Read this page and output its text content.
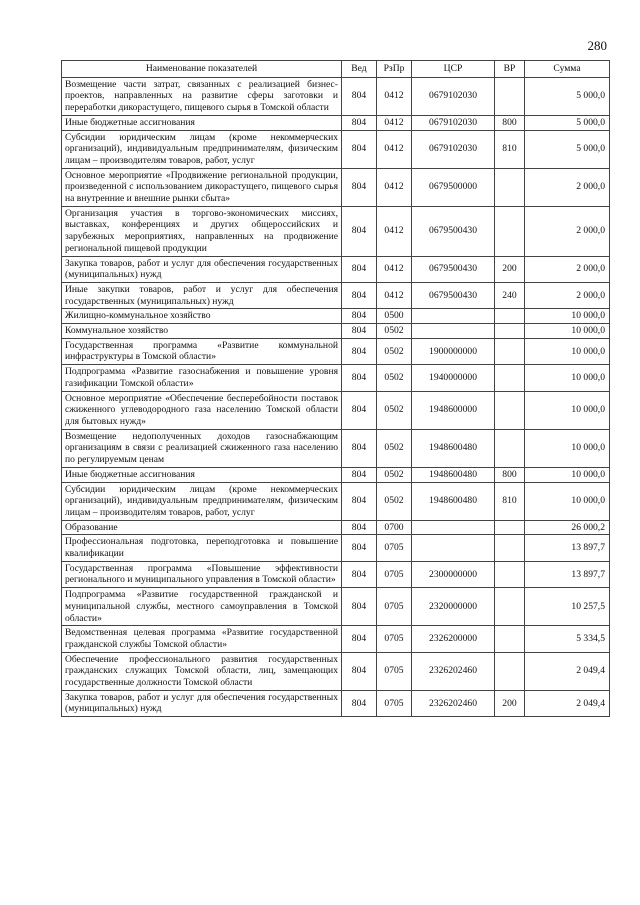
280
Наименование показателей	Вед	РзПр	ЦСР	ВР	Сумма
Возмещение части затрат, связанных с реализацией бизнес-проектов, направленных на развитие сферы заготовки и переработки дикорастущего, пищевого сырья в Томской области	804	0412	0679102030		5 000,0
Иные бюджетные ассигнования	804	0412	0679102030	800	5 000,0
Субсидии юридическим лицам (кроме некоммерческих организаций), индивидуальным предпринимателям, физическим лицам – производителям товаров, работ, услуг	804	0412	0679102030	810	5 000,0
Основное мероприятие «Продвижение региональной продукции, произведенной с использованием дикорастущего, пищевого сырья на внутренние и внешние рынки сбыта»	804	0412	0679500000		2 000,0
Организация участия в торгово-экономических миссиях, выставках, конференциях и других общероссийских и зарубежных мероприятиях, направленных на продвижение региональной пищевой продукции	804	0412	0679500430		2 000,0
Закупка товаров, работ и услуг для обеспечения государственных (муниципальных) нужд	804	0412	0679500430	200	2 000,0
Иные закупки товаров, работ и услуг для обеспечения государственных (муниципальных) нужд	804	0412	0679500430	240	2 000,0
Жилищно-коммунальное хозяйство	804	0500			10 000,0
Коммунальное хозяйство	804	0502			10 000,0
Государственная программа «Развитие коммунальной инфраструктуры в Томской области»	804	0502	1900000000		10 000,0
Подпрограмма «Развитие газоснабжения и повышение уровня газификации Томской области»	804	0502	1940000000		10 000,0
Основное мероприятие «Обеспечение бесперебойности поставок сжиженного углеводородного газа населению Томской области для бытовых нужд»	804	0502	1948600000		10 000,0
Возмещение недополученных доходов газоснабжающим организациям в связи с реализацией сжиженного газа населению по регулируемым ценам	804	0502	1948600480		10 000,0
Иные бюджетные ассигнования	804	0502	1948600480	800	10 000,0
Субсидии юридическим лицам (кроме некоммерческих организаций), индивидуальным предпринимателям, физическим лицам – производителям товаров, работ, услуг	804	0502	1948600480	810	10 000,0
Образование	804	0700			26 000,2
Профессиональная подготовка, переподготовка и повышение квалификации	804	0705			13 897,7
Государственная программа «Повышение эффективности регионального и муниципального управления в Томской области»	804	0705	2300000000		13 897,7
Подпрограмма «Развитие государственной гражданской и муниципальной службы, местного самоуправления в Томской области»	804	0705	2320000000		10 257,5
Ведомственная целевая программа «Развитие государственной гражданской службы Томской области»	804	0705	2326200000		5 334,5
Обеспечение профессионального развития государственных гражданских служащих Томской области, лиц, замещающих государственные должности Томской области	804	0705	2326202460		2 049,4
Закупка товаров, работ и услуг для обеспечения государственных (муниципальных) нужд	804	0705	2326202460	200	2 049,4
